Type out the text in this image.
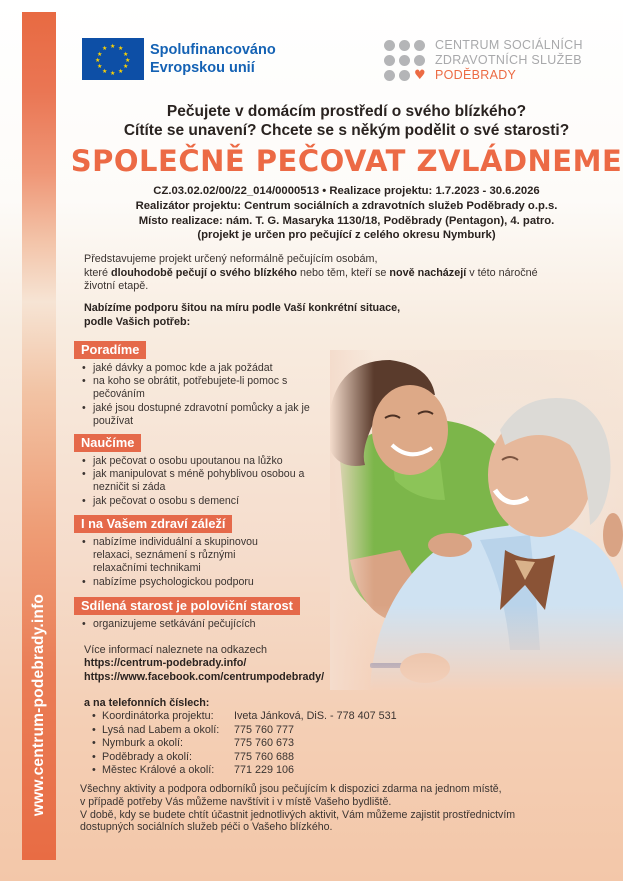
www.centrum-podebrady.info
★ ★
★
★
★
★
★
★
★
★
★
★	Spolufinancováno
Evropskou unií	♥
CENTRUM SOCIÁLNÍCH
ZDRAVOTNÍCH SLUŽEB
PODĚBRADY
Pečujete v domácím prostředí o svého blízkého?
Cítíte se unavení? Chcete se s někým podělit o své starosti?
SPOLEČNĚ PEČOVAT ZVLÁDNEME
CZ.03.02.02/00/22_014/0000513 • Realizace projektu: 1.7.2023 - 30.6.2026
Realizátor projektu: Centrum sociálních a zdravotních služeb Poděbrady o.p.s.
Místo realizace: nám. T. G. Masaryka 1130/18, Poděbrady (Pentagon), 4. patro.
(projekt je určen pro pečující z celého okresu Nymburk)
Představujeme projekt určený neformálně pečujícím osobám,
které dlouhodobě pečují o svého blízkého nebo těm, kteří se nově nacházejí v této náročné životní etapě.
Nabízíme podporu šitou na míru podle Vaší konkrétní situace,
podle Vašich potřeb:
Poradíme
• jaké dávky a pomoc kde a jak požádat
• na koho se obrátit, potřebujete-li pomoc s pečováním
• jaké jsou dostupné zdravotní pomůcky a jak je používat
Naučíme
• jak pečovat o osobu upoutanou na lůžko
• jak manipulovat s méně pohyblivou osobou a nezničit si záda
• jak pečovat o osobu s demencí
I na Vašem zdraví záleží
• nabízíme individuální a skupinovou relaxaci, seznámení s různými relaxačními technikami
• nabízíme psychologickou podporu
Sdílená starost je poloviční starost
• organizujeme setkávání pečujících
Více informací naleznete na odkazech
https://centrum-podebrady.info/
https://www.facebook.com/centrumpodebrady/
a na telefonních číslech:
• Koordinátorka projektu:	Iveta Jánková, DiS. - 778 407 531
• Lysá nad Labem a okolí:	775 760 777
• Nymburk a okolí:	775 760 673
• Poděbrady a okolí:	775 760 688
• Městec Králové a okolí:	771 229 106
Všechny aktivity a podpora odborníků jsou pečujícím k dispozici zdarma na jednom místě,
v případě potřeby Vás můžeme navštívit i v místě Vašeho bydliště.
V době, kdy se budete chtít účastnit jednotlivých aktivit, Vám můžeme zajistit prostřednictvím
dostupných sociálních služeb péči o Vašeho blízkého.
